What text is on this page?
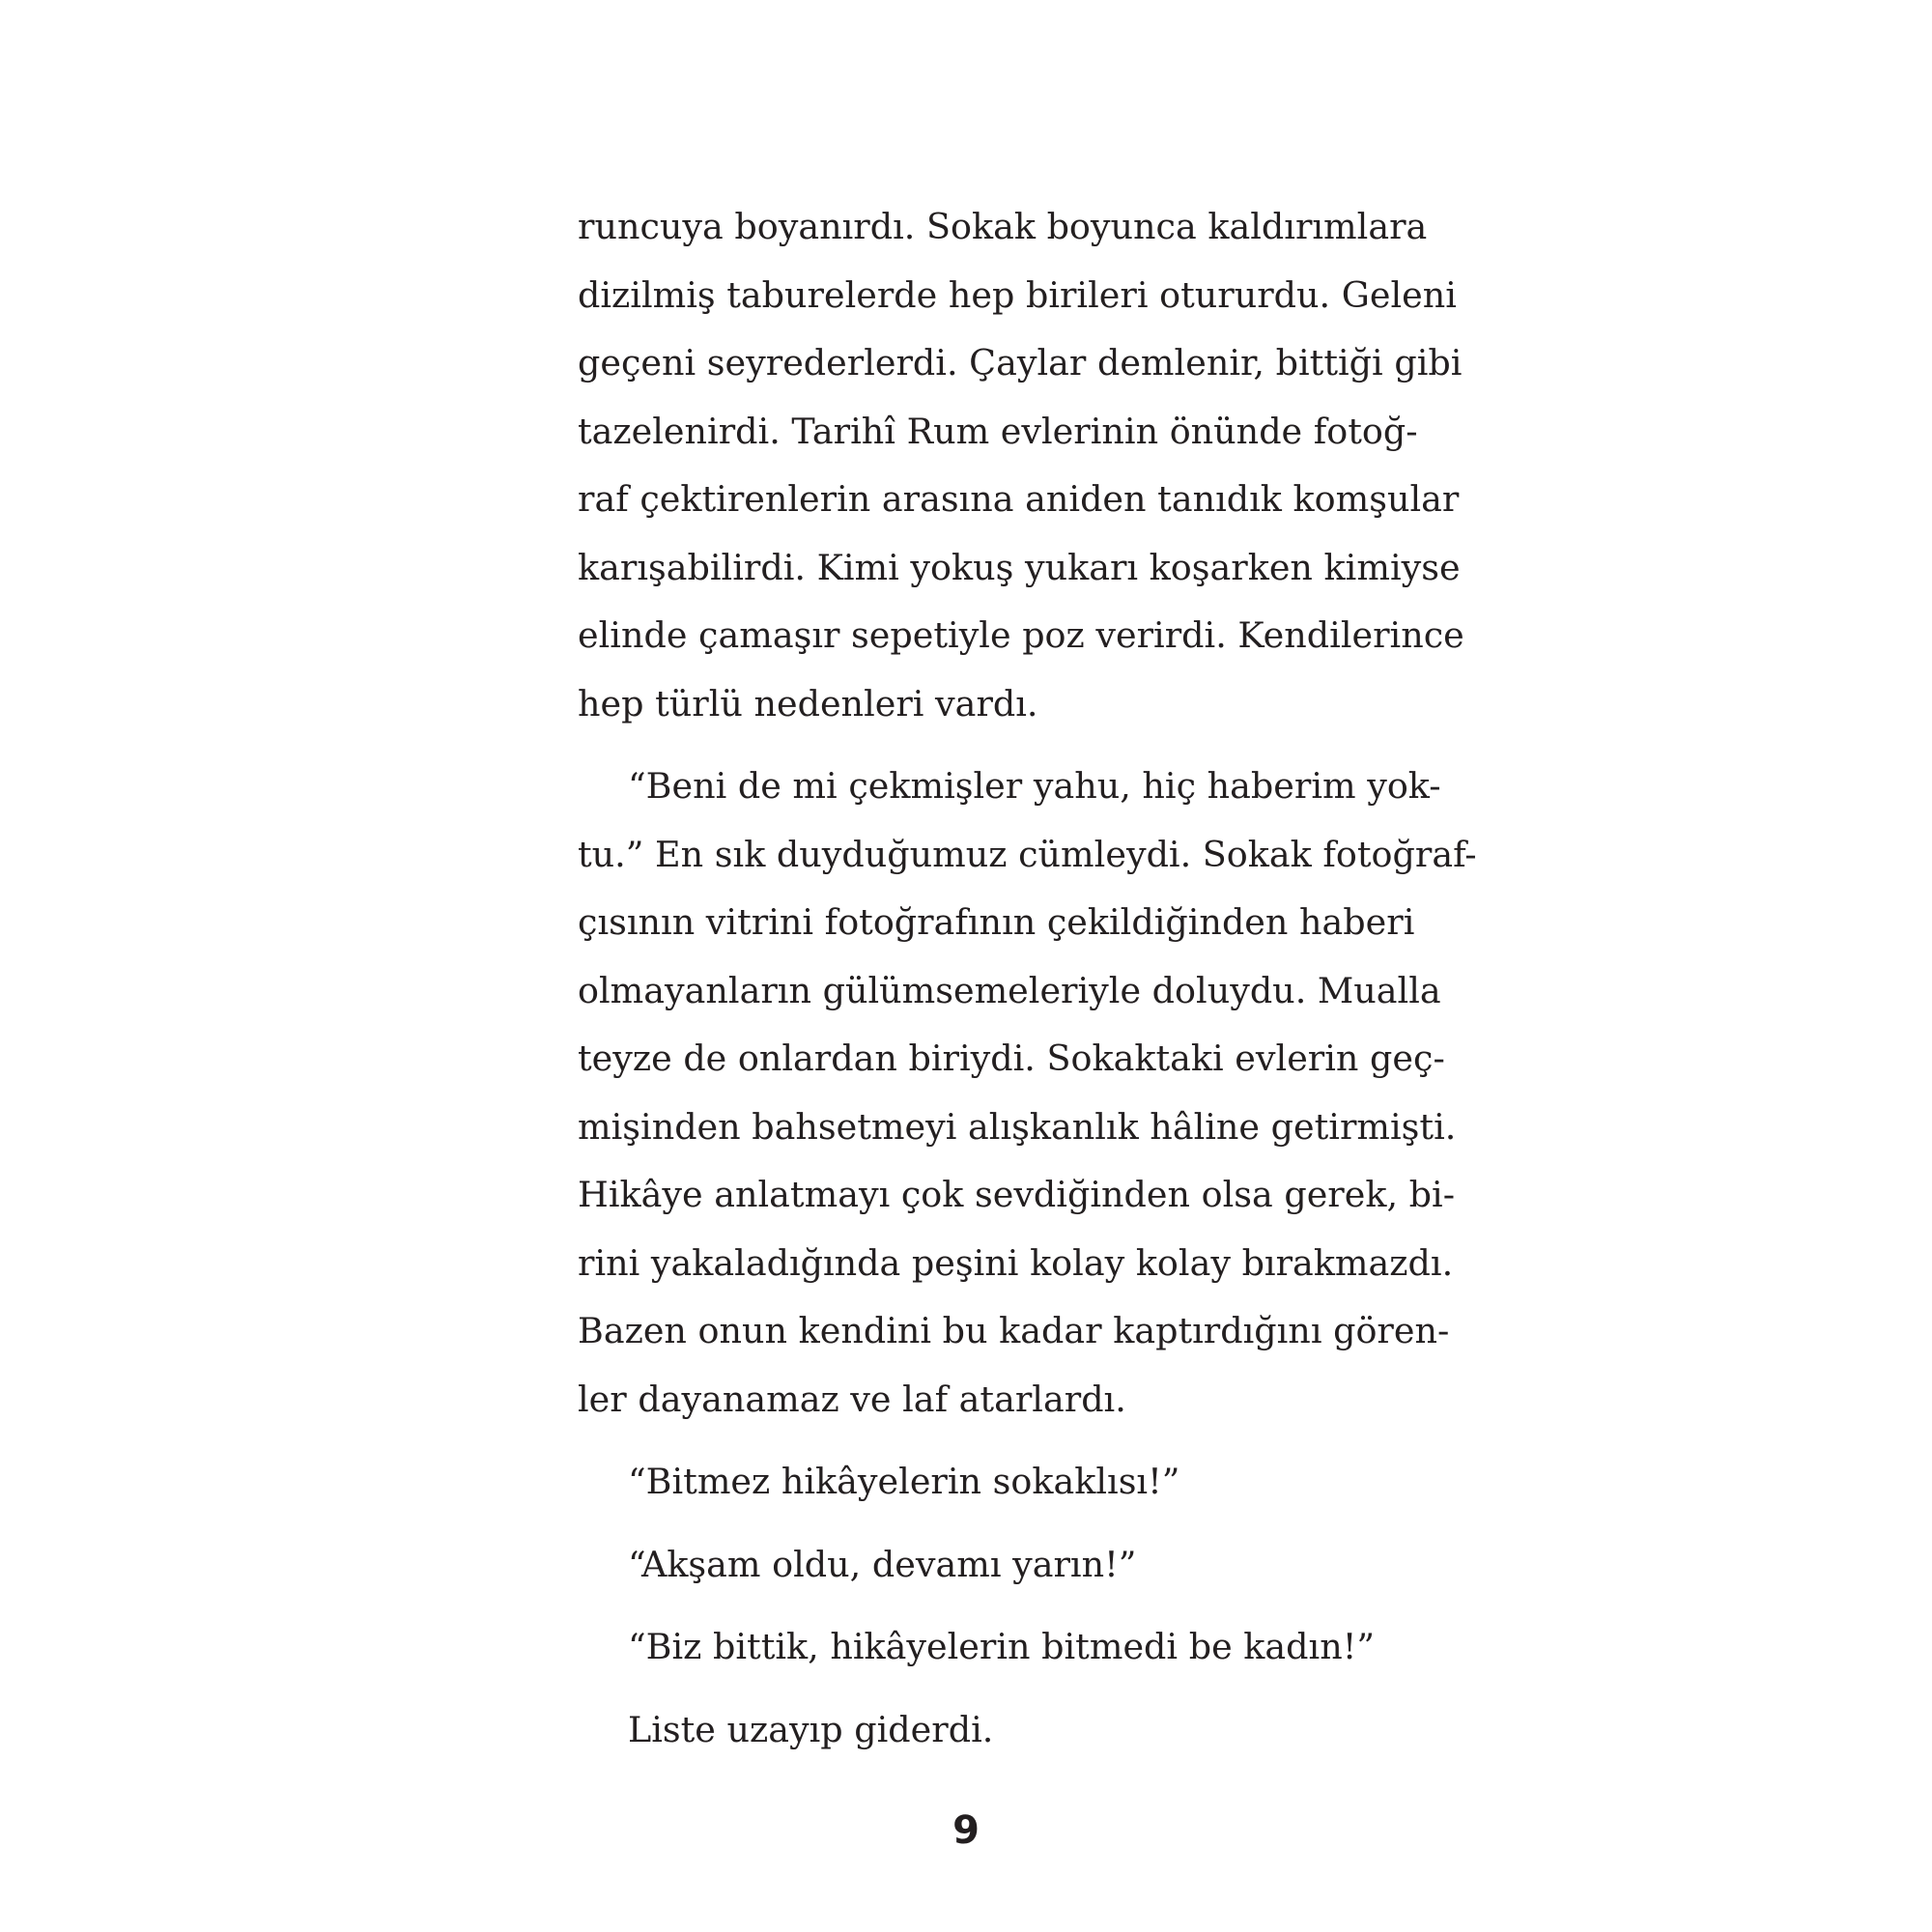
runcuya boyanırdı. Sokak boyunca kaldırımlara
dizilmiş taburelerde hep birileri otururdu. Geleni
geçeni seyrederlerdi. Çaylar demlenir, bittiği gibi
tazelenirdi. Tarihî Rum evlerinin önünde fotoğ-
raf çektirenlerin arasına aniden tanıdık komşular
karışabilirdi. Kimi yokuş yukarı koşarken kimiyse
elinde çamaşır sepetiyle poz verirdi. Kendilerince
hep türlü nedenleri vardı.
“Beni de mi çekmişler yahu, hiç haberim yok-
tu.” En sık duyduğumuz cümleydi. Sokak fotoğraf-
çısının vitrini fotoğrafının çekildiğinden haberi
olmayanların gülümsemeleriyle doluydu. Mualla
teyze de onlardan biriydi. Sokaktaki evlerin geç-
mişinden bahsetmeyi alışkanlık hâline getirmişti.
Hikâye anlatmayı çok sevdiğinden olsa gerek, bi-
rini yakaladığında peşini kolay kolay bırakmazdı.
Bazen onun kendini bu kadar kaptırdığını gören-
ler dayanamaz ve laf atarlardı.

“Bitmez hikâyelerin sokaklısı!”

“Akşam oldu, devamı yarın!”

“Biz bittik, hikâyelerin bitmedi be kadın!”

Liste uzayıp giderdi.

9
